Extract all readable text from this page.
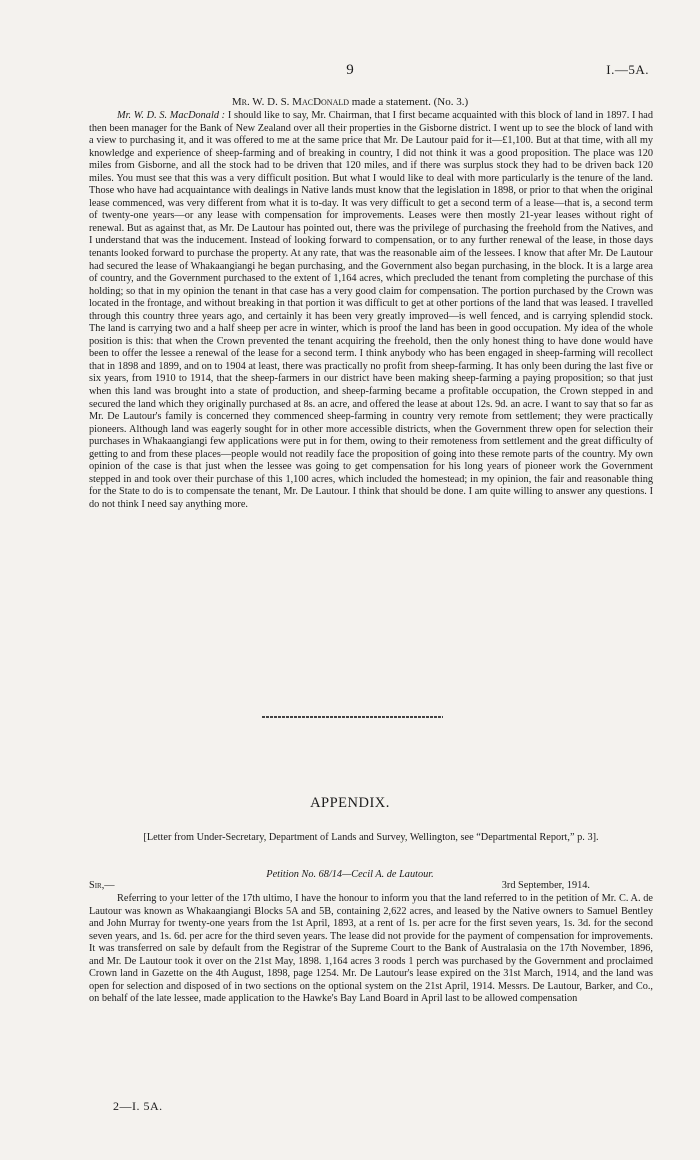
9	I.—5A.
Mr. W. D. S. MacDonald made a statement. (No. 3.)

Mr. W. D. S. MacDonald : I should like to say, Mr. Chairman, that I first became acquainted with this block of land in 1897. I had then been manager for the Bank of New Zealand over all their properties in the Gisborne district. I went up to see the block of land with a view to purchasing it, and it was offered to me at the same price that Mr. De Lautour paid for it—£1,100. But at that time, with all my knowledge and experience of sheep-farming and of breaking in country, I did not think it was a good proposition. The place was 120 miles from Gisborne, and all the stock had to be driven that 120 miles, and if there was surplus stock they had to be driven back 120 miles. You must see that this was a very difficult position. But what I would like to deal with more particularly is the tenure of the land. Those who have had acquaintance with dealings in Native lands must know that the legislation in 1898, or prior to that when the original lease commenced, was very different from what it is to-day. It was very difficult to get a second term of a lease—that is, a second term of twenty-one years—or any lease with compensation for improvements. Leases were then mostly 21-year leases without right of renewal. But as against that, as Mr. De Lautour has pointed out, there was the privilege of purchasing the freehold from the Natives, and I understand that was the inducement. Instead of looking forward to compensation, or to any further renewal of the lease, in those days tenants looked forward to purchase the property. At any rate, that was the reasonable aim of the lessees. I know that after Mr. De Lautour had secured the lease of Whakaangiangi he began purchasing, and the Government also began purchasing, in the block. It is a large area of country, and the Government purchased to the extent of 1,164 acres, which precluded the tenant from completing the purchase of this holding; so that in my opinion the tenant in that case has a very good claim for compensation. The portion purchased by the Crown was located in the frontage, and without breaking in that portion it was difficult to get at other portions of the land that was leased. I travelled through this country three years ago, and certainly it has been very greatly improved—is well fenced, and is carrying splendid stock. The land is carrying two and a half sheep per acre in winter, which is proof the land has been in good occupation. My idea of the whole position is this: that when the Crown prevented the tenant acquiring the freehold, then the only honest thing to have done would have been to offer the lessee a renewal of the lease for a second term. I think anybody who has been engaged in sheep-farming will recollect that in 1898 and 1899, and on to 1904 at least, there was practically no profit from sheep-farming. It has only been during the last five or six years, from 1910 to 1914, that the sheep-farmers in our district have been making sheep-farming a paying proposition; so that just when this land was brought into a state of production, and sheep-farming became a profitable occupation, the Crown stepped in and secured the land which they originally purchased at 8s. an acre, and offered the lease at about 12s. 9d. an acre. I want to say that so far as Mr. De Lautour's family is concerned they commenced sheep-farming in country very remote from settlement; they were practically pioneers. Although land was eagerly sought for in other more accessible districts, when the Government threw open for selection their purchases in Whakaangiangi few applications were put in for them, owing to their remoteness from settlement and the great difficulty of getting to and from these places—people would not readily face the proposition of going into these remote parts of the country. My own opinion of the case is that just when the lessee was going to get compensation for his long years of pioneer work the Government stepped in and took over their purchase of this 1,100 acres, which included the homestead; in my opinion, the fair and reasonable thing for the State to do is to compensate the tenant, Mr. De Lautour. I think that should be done. I am quite willing to answer any questions. I do not think I need say anything more.

APPENDIX.
[Letter from Under-Secretary, Department of Lands and Survey, Wellington, see “Departmental Report,” p. 3].
Petition No. 68/14—Cecil A. de Lautour.
Sir,—	3rd September, 1914.

Referring to your letter of the 17th ultimo, I have the honour to inform you that the land referred to in the petition of Mr. C. A. de Lautour was known as Whakaangiangi Blocks 5A and 5B, containing 2,622 acres, and leased by the Native owners to Samuel Bentley and John Murray for twenty-one years from the 1st April, 1893, at a rent of 1s. per acre for the first seven years, 1s. 3d. for the second seven years, and 1s. 6d. per acre for the third seven years. The lease did not provide for the payment of compensation for improvements. It was transferred on sale by default from the Registrar of the Supreme Court to the Bank of Australasia on the 17th November, 1896, and Mr. De Lautour took it over on the 21st May, 1898. 1,164 acres 3 roods 1 perch was purchased by the Government and proclaimed Crown land in Gazette on the 4th August, 1898, page 1254. Mr. De Lautour's lease expired on the 31st March, 1914, and the land was open for selection and disposed of in two sections on the optional system on the 21st April, 1914. Messrs. De Lautour, Barker, and Co., on behalf of the late lessee, made application to the Hawke's Bay Land Board in April last to be allowed compensation

2—I. 5A.
